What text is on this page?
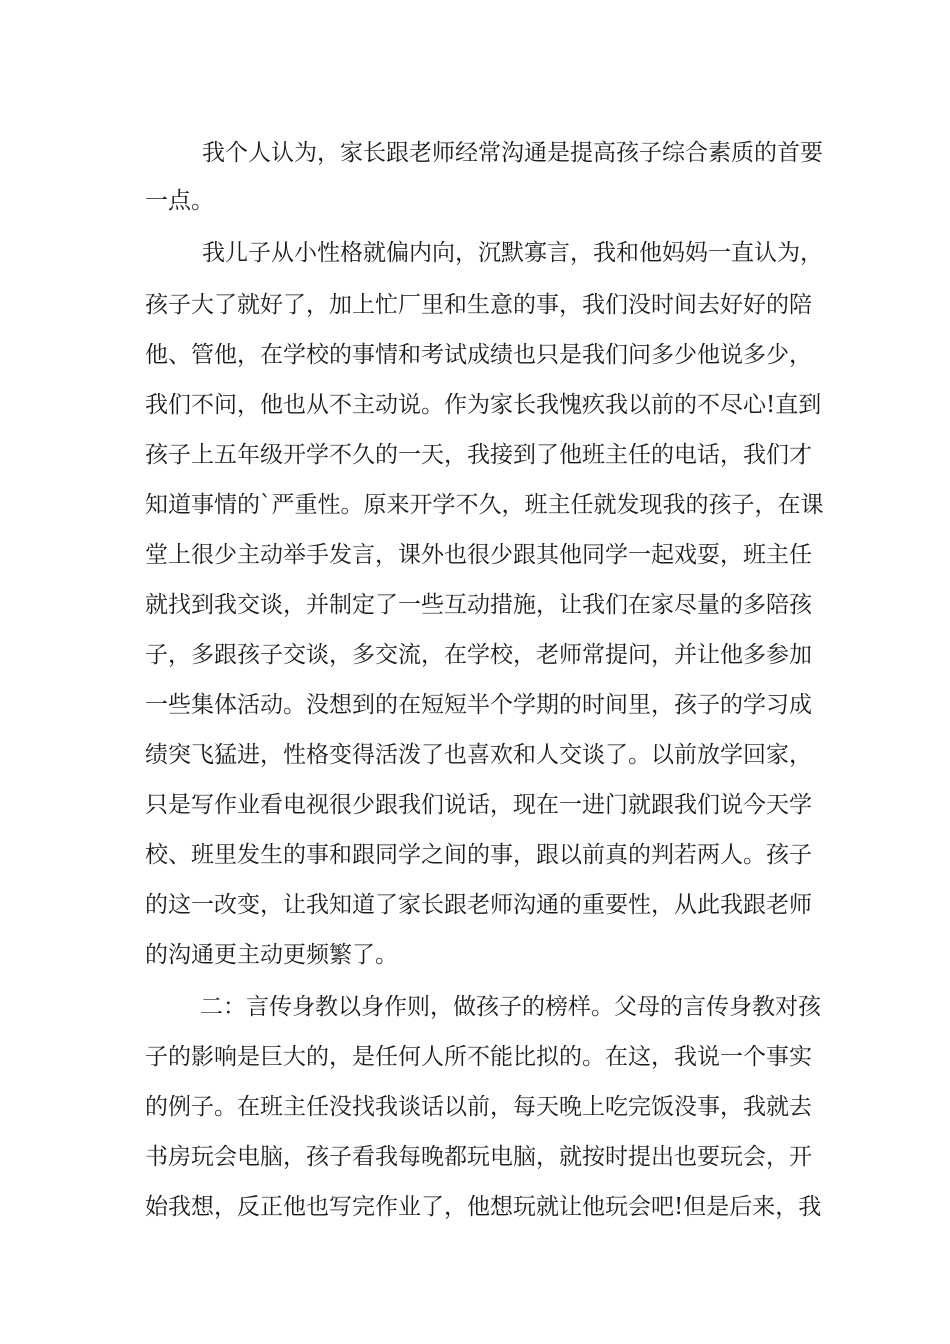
我个人认为，家长跟老师经常沟通是提高孩子综合素质的首要

一点。

我儿子从小性格就偏内向，沉默寡言，我和他妈妈一直认为，

孩子大了就好了，加上忙厂里和生意的事，我们没时间去好好的陪

他、管他，在学校的事情和考试成绩也只是我们问多少他说多少，

我们不问，他也从不主动说。作为家长我愧疚我以前的不尽心!直到

孩子上五年级开学不久的一天，我接到了他班主任的电话，我们才

知道事情的`严重性。原来开学不久，班主任就发现我的孩子，在课

堂上很少主动举手发言，课外也很少跟其他同学一起戏耍，班主任

就找到我交谈，并制定了一些互动措施，让我们在家尽量的多陪孩

子，多跟孩子交谈，多交流，在学校，老师常提问，并让他多参加

一些集体活动。没想到的在短短半个学期的时间里，孩子的学习成

绩突飞猛进，性格变得活泼了也喜欢和人交谈了。以前放学回家，

只是写作业看电视很少跟我们说话，现在一进门就跟我们说今天学

校、班里发生的事和跟同学之间的事，跟以前真的判若两人。孩子

的这一改变，让我知道了家长跟老师沟通的重要性，从此我跟老师

的沟通更主动更频繁了。

二：言传身教以身作则，做孩子的榜样。父母的言传身教对孩

子的影响是巨大的，是任何人所不能比拟的。在这，我说一个事实

的例子。在班主任没找我谈话以前，每天晚上吃完饭没事，我就去

书房玩会电脑，孩子看我每晚都玩电脑，就按时提出也要玩会，开

始我想，反正他也写完作业了，他想玩就让他玩会吧!但是后来，我
